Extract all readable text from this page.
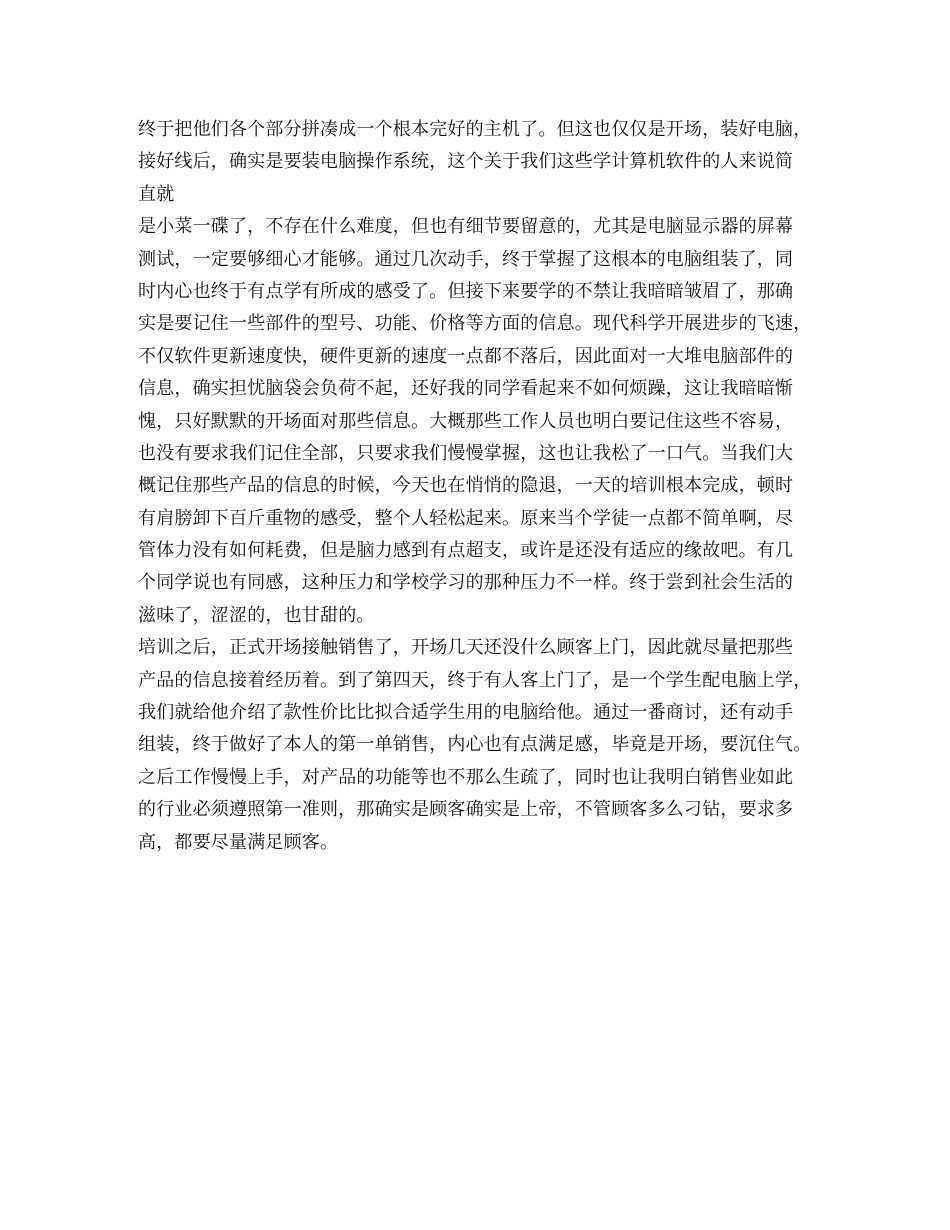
终于把他们各个部分拼凑成一个根本完好的主机了。但这也仅仅是开场，装好电脑，
接好线后，确实是要装电脑操作系统，这个关于我们这些学计算机软件的人来说简
直就
是小菜一碟了，不存在什么难度，但也有细节要留意的，尤其是电脑显示器的屏幕
测试，一定要够细心才能够。通过几次动手，终于掌握了这根本的电脑组装了，同
时内心也终于有点学有所成的感受了。但接下来要学的不禁让我暗暗皱眉了，那确
实是要记住一些部件的型号、功能、价格等方面的信息。现代科学开展进步的飞速，
不仅软件更新速度快，硬件更新的速度一点都不落后，因此面对一大堆电脑部件的
信息，确实担忧脑袋会负荷不起，还好我的同学看起来不如何烦躁，这让我暗暗惭
愧，只好默默的开场面对那些信息。大概那些工作人员也明白要记住这些不容易，
也没有要求我们记住全部，只要求我们慢慢掌握，这也让我松了一口气。当我们大
概记住那些产品的信息的时候，今天也在悄悄的隐退，一天的培训根本完成，顿时
有肩膀卸下百斤重物的感受，整个人轻松起来。原来当个学徒一点都不简单啊，尽
管体力没有如何耗费，但是脑力感到有点超支，或许是还没有适应的缘故吧。有几
个同学说也有同感，这种压力和学校学习的那种压力不一样。终于尝到社会生活的
滋味了，涩涩的，也甘甜的。
培训之后，正式开场接触销售了，开场几天还没什么顾客上门，因此就尽量把那些
产品的信息接着经历着。到了第四天，终于有人客上门了，是一个学生配电脑上学，
我们就给他介绍了款性价比比拟合适学生用的电脑给他。通过一番商讨，还有动手
组装，终于做好了本人的第一单销售，内心也有点满足感，毕竟是开场，要沉住气。
之后工作慢慢上手，对产品的功能等也不那么生疏了，同时也让我明白销售业如此
的行业必须遵照第一准则，那确实是顾客确实是上帝，不管顾客多么刁钻，要求多
高，都要尽量满足顾客。
